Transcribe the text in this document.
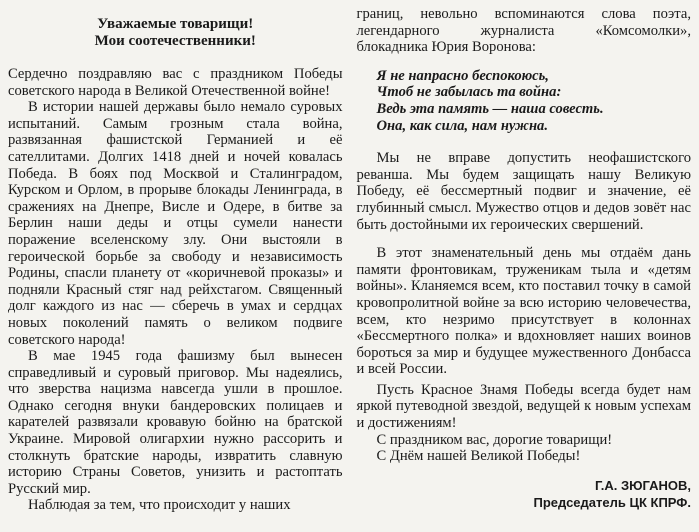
Уважаемые товарищи!
Мои соотечественники!

Сердечно поздравляю вас с праздником Победы советского народа в Великой Отечественной войне!

В истории нашей державы было немало суровых испытаний. Самым грозным стала война, развязанная фашистской Германией и её сателлитами. Долгих 1418 дней и ночей ковалась Победа. В боях под Москвой и Сталинградом, Курском и Орлом, в прорыве блокады Ленинграда, в сражениях на Днепре, Висле и Одере, в битве за Берлин наши деды и отцы сумели нанести поражение вселенскому злу. Они выстояли в героической борьбе за свободу и независимость Родины, спасли планету от «коричневой проказы» и подняли Красный стяг над рейхстагом. Священный долг каждого из нас — сберечь в умах и сердцах новых поколений память о великом подвиге советского народа!

В мае 1945 года фашизму был вынесен справедливый и суровый приговор. Мы надеялись, что зверства нацизма навсегда ушли в прошлое. Однако сегодня внуки бандеровских полицаев и карателей развязали кровавую бойню на братской Украине. Мировой олигархии нужно рассорить и столкнуть братские народы, извратить славную историю Страны Советов, унизить и растоптать Русский мир.

Наблюдая за тем, что происходит у наших

границ, невольно вспоминаются слова поэта, легендарного журналиста «Комсомолки», блокадника Юрия Воронова:

Я не напрасно беспокоюсь,
Чтоб не забылась та война:
Ведь эта память — наша совесть.
Она, как сила, нам нужна.

Мы не вправе допустить неофашистского реванша. Мы будем защищать нашу Великую Победу, её бессмертный подвиг и значение, её глубинный смысл. Мужество отцов и дедов зовёт нас быть достойными их героических свершений.

В этот знаменательный день мы отдаём дань памяти фронтовикам, труженикам тыла и «детям войны». Кланяемся всем, кто поставил точку в самой кровопролитной войне за всю историю человечества, всем, кто незримо присутствует в колоннах «Бессмертного полка» и вдохновляет наших воинов бороться за мир и будущее мужественного Донбасса и всей России.

Пусть Красное Знамя Победы всегда будет нам яркой путеводной звездой, ведущей к новым успехам и достижениям!

С праздником вас, дорогие товарищи!

С Днём нашей Великой Победы!

Г.А. ЗЮГАНОВ,
Председатель ЦК КПРФ.
